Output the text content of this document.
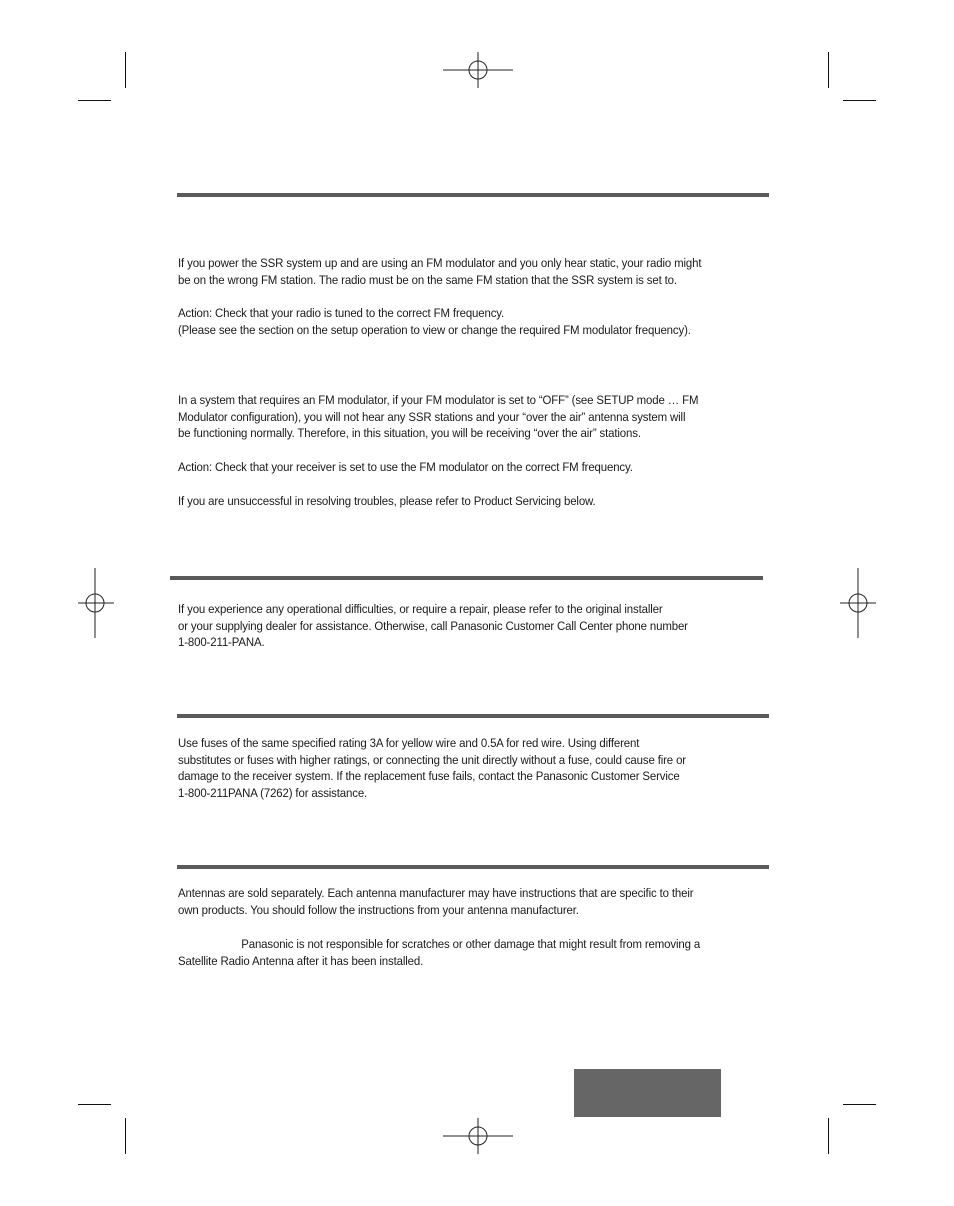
If you power the SSR system up and are using an FM modulator and you only hear static, your radio might
be on the wrong FM station. The radio must be on the same FM station that the SSR system is set to.
Action: Check that your radio is tuned to the correct FM frequency.
(Please see the section on the setup operation to view or change the required FM modulator frequency).
In a system that requires an FM modulator, if your FM modulator is set to “OFF” (see SETUP mode … FM
Modulator configuration), you will not hear any SSR stations and your “over the air” antenna system will
be functioning normally. Therefore, in this situation, you will be receiving “over the air” stations.
Action: Check that your receiver is set to use the FM modulator on the correct FM frequency.
If you are unsuccessful in resolving troubles, please refer to Product Servicing below.
If you experience any operational difficulties, or require a repair, please refer to the original installer
or your supplying dealer for assistance. Otherwise, call Panasonic Customer Call Center phone number
1-800-211-PANA.
Use fuses of the same specified rating 3A for yellow wire and 0.5A for red wire. Using different
substitutes or fuses with higher ratings, or connecting the unit directly without a fuse, could cause fire or
damage to the receiver system. If the replacement fuse fails, contact the Panasonic Customer Service
1-800-211PANA (7262) for assistance.
Antennas are sold separately. Each antenna manufacturer may have instructions that are specific to their
own products. You should follow the instructions from your antenna manufacturer.
Panasonic is not responsible for scratches or other damage that might result from removing a
Satellite Radio Antenna after it has been installed.
